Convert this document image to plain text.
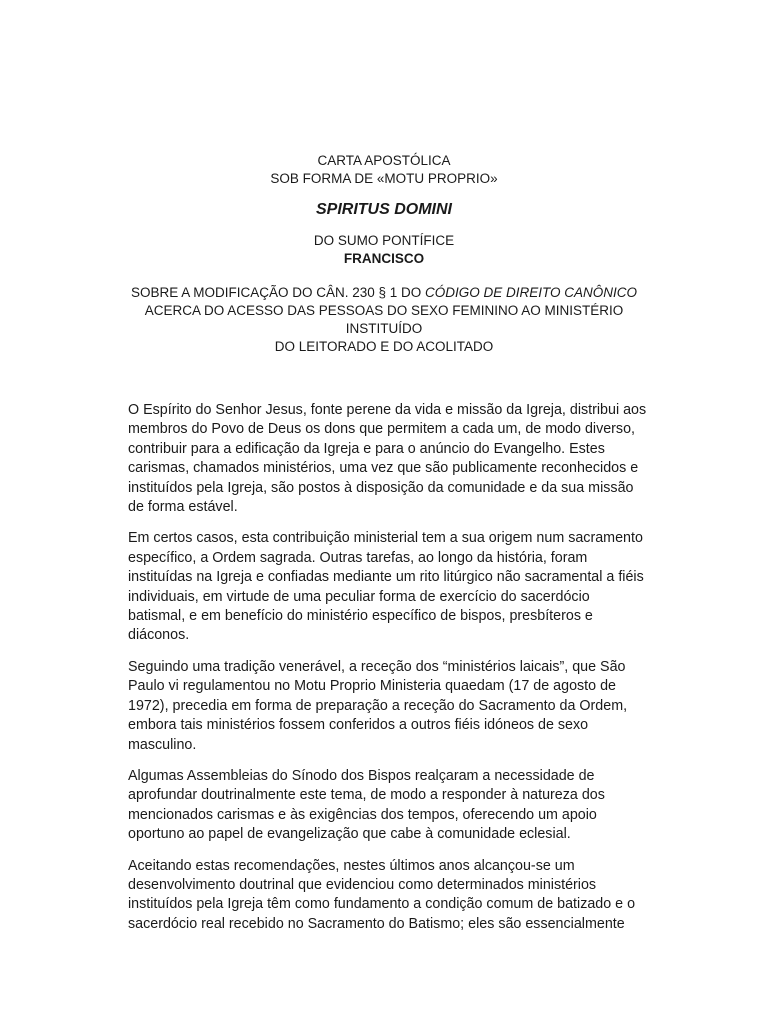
CARTA APOSTÓLICA
SOB FORMA DE «MOTU PROPRIO»
SPIRITUS DOMINI
DO SUMO PONTÍFICE
FRANCISCO
SOBRE A MODIFICAÇÃO DO CÂN. 230 § 1 DO CÓDIGO DE DIREITO CANÔNICO
ACERCA DO ACESSO DAS PESSOAS DO SEXO FEMININO AO MINISTÉRIO
INSTITUÍDO
DO LEITORADO E DO ACOLITADO

O Espírito do Senhor Jesus, fonte perene da vida e missão da Igreja, distribui aos membros do Povo de Deus os dons que permitem a cada um, de modo diverso, contribuir para a edificação da Igreja e para o anúncio do Evangelho. Estes carismas, chamados ministérios, uma vez que são publicamente reconhecidos e instituídos pela Igreja, são postos à disposição da comunidade e da sua missão de forma estável.

Em certos casos, esta contribuição ministerial tem a sua origem num sacramento específico, a Ordem sagrada. Outras tarefas, ao longo da história, foram instituídas na Igreja e confiadas mediante um rito litúrgico não sacramental a fiéis individuais, em virtude de uma peculiar forma de exercício do sacerdócio batismal, e em benefício do ministério específico de bispos, presbíteros e diáconos.

Seguindo uma tradição venerável, a receção dos “ministérios laicais”, que São Paulo vi regulamentou no Motu Proprio Ministeria quaedam (17 de agosto de 1972), precedia em forma de preparação a receção do Sacramento da Ordem, embora tais ministérios fossem conferidos a outros fiéis idóneos de sexo masculino.

Algumas Assembleias do Sínodo dos Bispos realçaram a necessidade de aprofundar doutrinalmente este tema, de modo a responder à natureza dos mencionados carismas e às exigências dos tempos, oferecendo um apoio oportuno ao papel de evangelização que cabe à comunidade eclesial.

Aceitando estas recomendações, nestes últimos anos alcançou-se um desenvolvimento doutrinal que evidenciou como determinados ministérios instituídos pela Igreja têm como fundamento a condição comum de batizado e o sacerdócio real recebido no Sacramento do Batismo; eles são essencialmente
